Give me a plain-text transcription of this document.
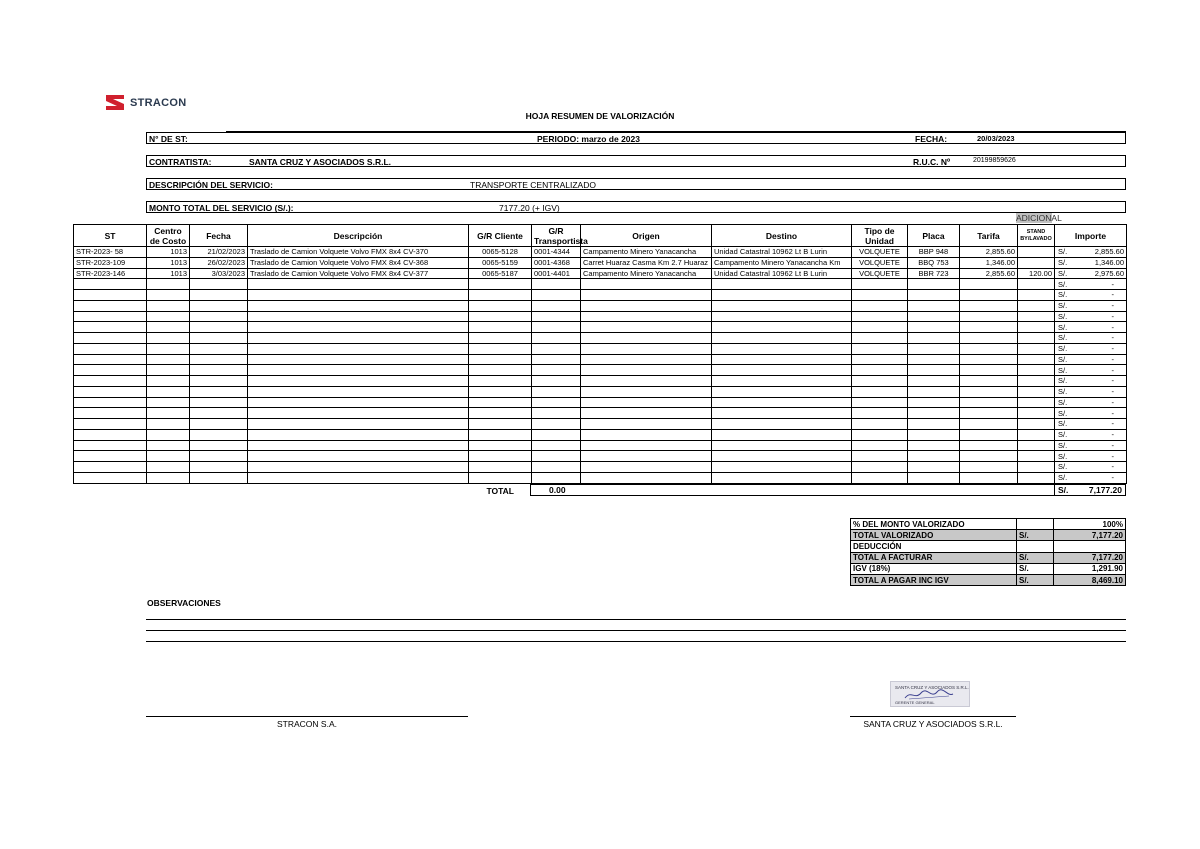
STRACON
HOJA RESUMEN DE VALORIZACIÓN
N° DE ST:	PERIODO: marzo de 2023	FECHA:	20/03/2023
CONTRATISTA:	SANTA CRUZ Y ASOCIADOS S.R.L.	R.U.C. Nº	20199859626
DESCRIPCIÓN DEL SERVICIO:	TRANSPORTE CENTRALIZADO
MONTO TOTAL DEL SERVICIO (S/.):	7177.20 (+ IGV)
ADICIONAL
ST	Centro de Costo	Fecha	Descripción	G/R Cliente	G/R Transportista	Origen	Destino	Tipo de Unidad	Placa	Tarifa	STAND BY/LAVADO	Importe
STR-2023- 58	1013	21/02/2023	Traslado de Camion Volquete Volvo FMX 8x4 CV-370	0065-5128	0001-4344	Campamento Minero Yanacancha	Unidad Catastral 10962 Lt B Lurin	VOLQUETE	BBP 948	2,855.60		S/. 2,855.60

STR-2023-109	1013	26/02/2023	Traslado de Camion Volquete Volvo FMX 8x4 CV-368	0065-5159	0001-4368	Carret Huaraz Casma Km 2.7 Huaraz	Campamento Minero Yanacancha Km	VOLQUETE	BBQ 753	1,346.00		S/. 1,346.00

STR-2023-146	1013	3/03/2023	Traslado de Camion Volquete Volvo FMX 8x4 CV-377	0065-5187	0001-4401	Campamento Minero Yanacancha	Unidad Catastral 10962 Lt B Lurin	VOLQUETE	BBR 723	2,855.60	120.00	S/. 2,975.60

												S/. -

												S/. -

												S/. -

												S/. -

												S/. -

												S/. -

												S/. -

												S/. -

												S/. -

												S/. -

												S/. -

												S/. -

												S/. -

												S/. -

												S/. -

												S/. -

												S/. -

												S/. -

												S/. -
TOTAL	0.00	S/. 7,177.20
% DEL MONTO VALORIZADO		100%
TOTAL VALORIZADO	S/.	7,177.20
DEDUCCIÓN		
TOTAL A FACTURAR	S/.	7,177.20
IGV (18%)	S/.	1,291.90
TOTAL A PAGAR INC IGV	S/.	8,469.10
OBSERVACIONES
SANTA CRUZ Y ASOCIADOS S.R.L.
GERENTE GENERAL
STRACON S.A.	SANTA CRUZ Y ASOCIADOS S.R.L.
